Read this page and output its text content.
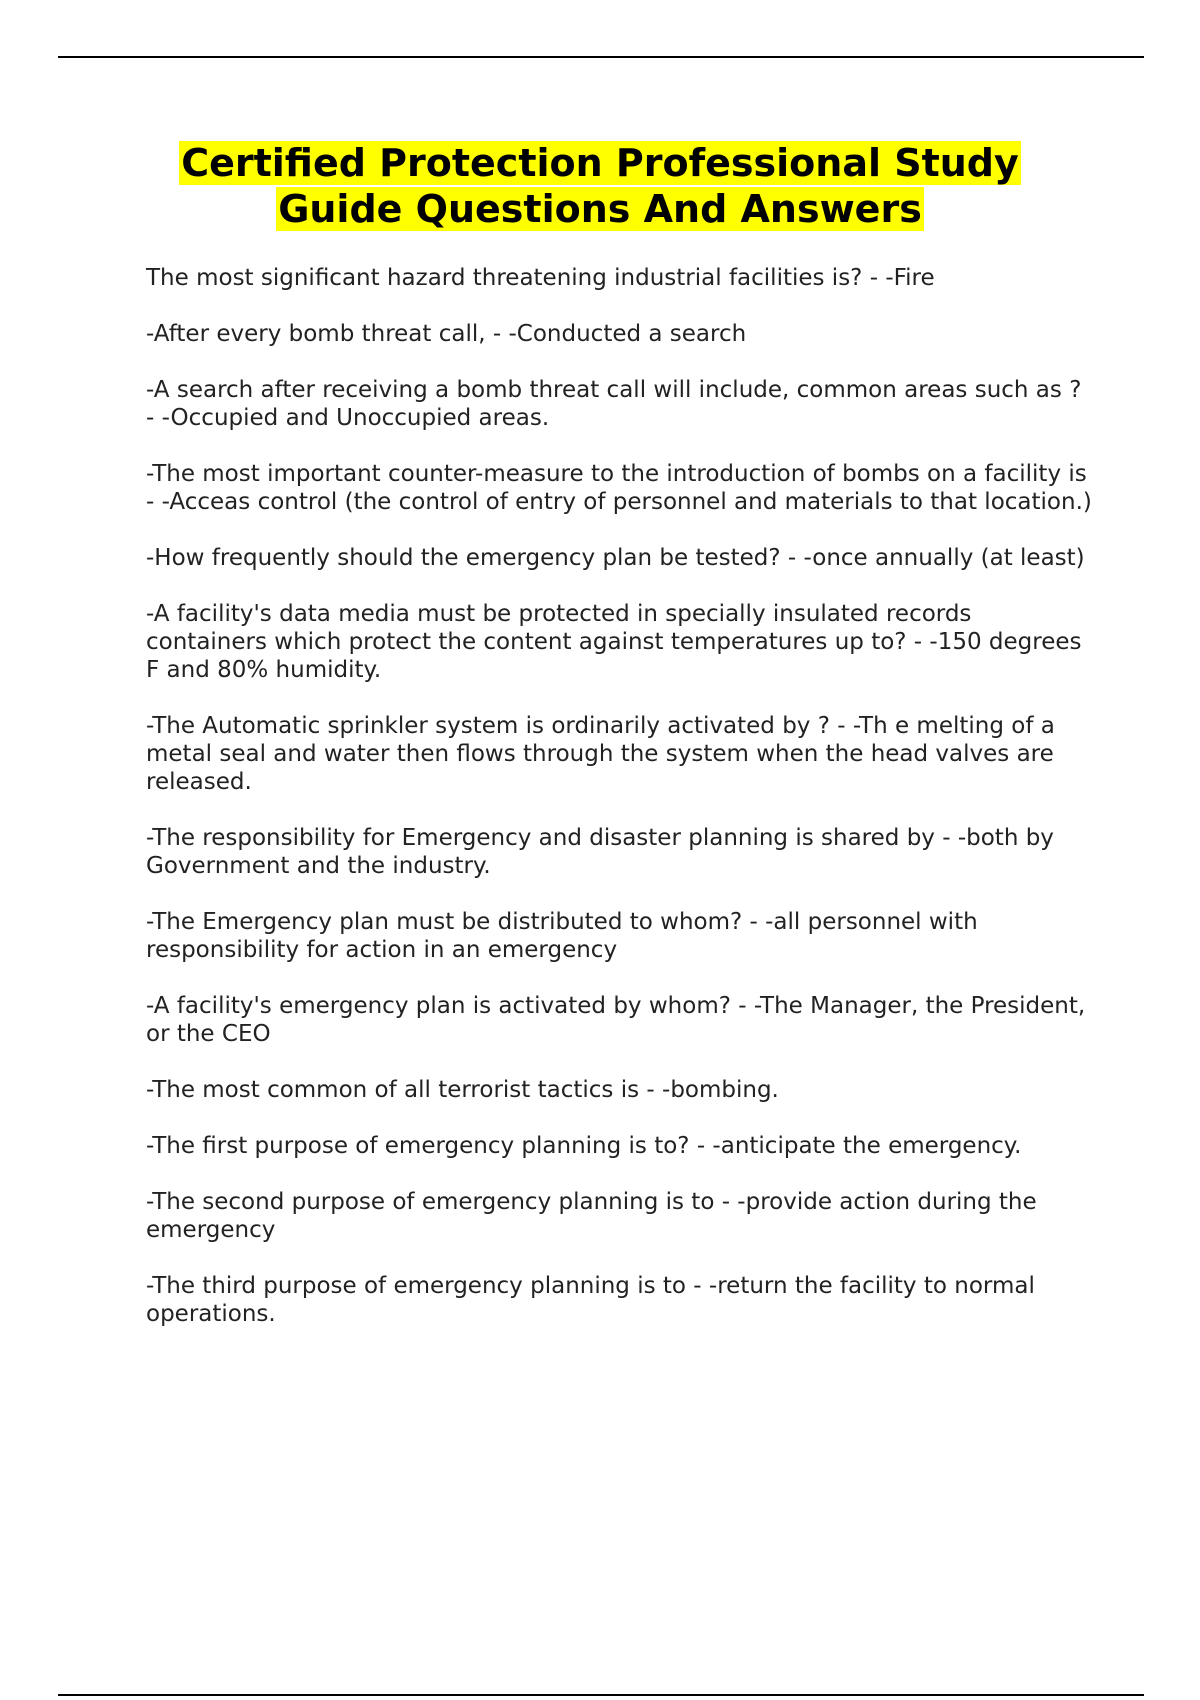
Certified Protection Professional Study
Guide Questions And Answers

The most significant hazard threatening industrial facilities is? - -Fire

-After every bomb threat call, - -Conducted a search

-A search after receiving a bomb threat call will include, common areas such as ? - -Occupied and Unoccupied areas.

-The most important counter-measure to the introduction of bombs on a facility is - -Acceas control (the control of entry of personnel and materials to that location.)

-How frequently should the emergency plan be tested? - -once annually (at least)

-A facility's data media must be protected in specially insulated records containers which protect the content against temperatures up to? - -150 degrees F and 80% humidity.

-The Automatic sprinkler system is ordinarily activated by ? - -Th e melting of a metal seal and water then flows through the system when the head valves are released.

-The responsibility for Emergency and disaster planning is shared by - -both by Government and the industry.

-The Emergency plan must be distributed to whom? - -all personnel with responsibility for action in an emergency

-A facility's emergency plan is activated by whom? - -The Manager, the President, or the CEO

-The most common of all terrorist tactics is - -bombing.

-The first purpose of emergency planning is to? - -anticipate the emergency.

-The second purpose of emergency planning is to - -provide action during the emergency

-The third purpose of emergency planning is to - -return the facility to normal operations.
